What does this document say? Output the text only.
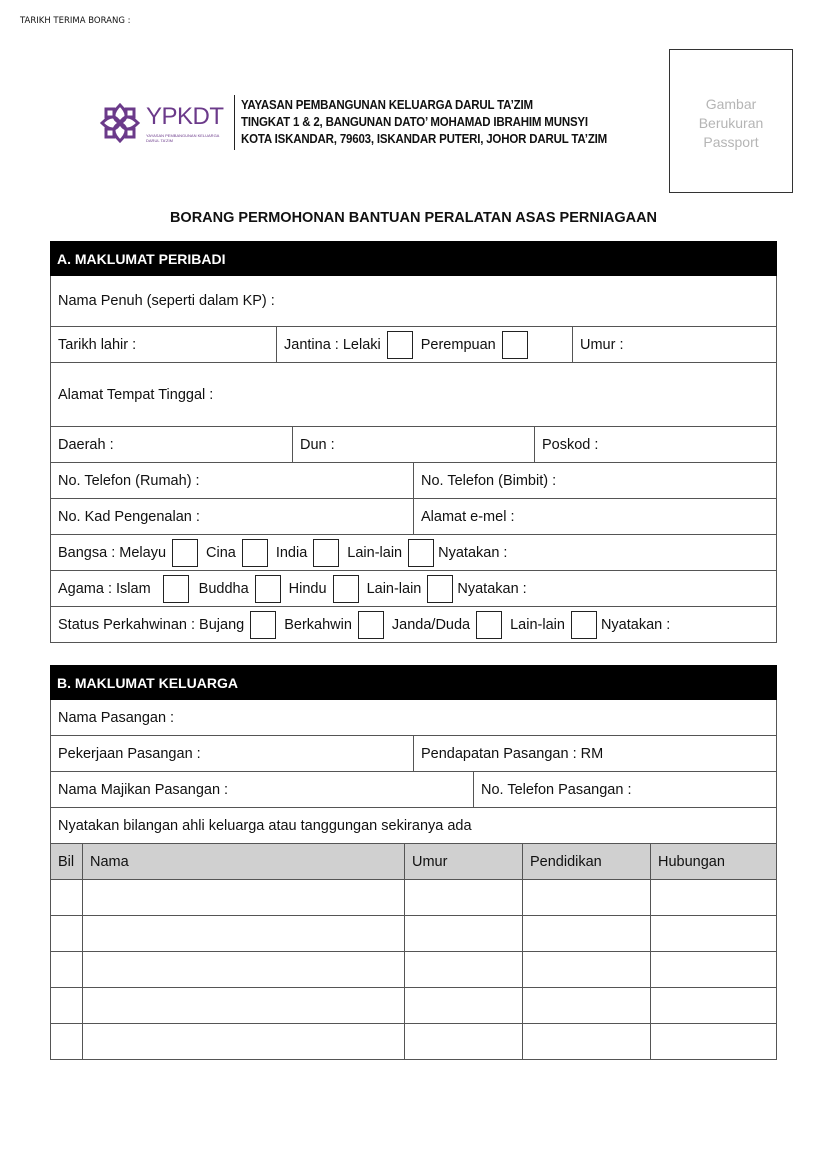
TARIKH TERIMA BORANG :
YPKDT
YAYASAN PEMBANGUNAN KELUARGA DARUL TA'ZIM
YAYASAN PEMBANGUNAN KELUARGA DARUL TA’ZIM
TINGKAT 1 & 2, BANGUNAN DATO’ MOHAMAD IBRAHIM MUNSYI
KOTA ISKANDAR, 79603, ISKANDAR PUTERI, JOHOR DARUL TA’ZIM
Gambar
Berukuran
Passport
BORANG PERMOHONAN BANTUAN PERALATAN ASAS PERNIAGAAN
A. MAKLUMAT PERIBADI
Nama Penuh (seperti dalam KP) :
Tarikh lahir :	Jantina : Lelaki	Perempuan	Umur :
Alamat Tempat Tinggal :
Daerah :	Dun :	Poskod :
No. Telefon (Rumah) :	No. Telefon (Bimbit) :
No. Kad Pengenalan :	Alamat e-mel :
Bangsa : Melayu	Cina	India	Lain-lain Nyatakan :
Agama : Islam	Buddha	Hindu	Lain-lain Nyatakan :
Status Perkahwinan : Bujang	Berkahwin	Janda/Duda	Lain-lain Nyatakan :
B. MAKLUMAT KELUARGA
Nama Pasangan :
Pekerjaan Pasangan :	Pendapatan Pasangan : RM
Nama Majikan Pasangan :	No. Telefon Pasangan :
Nyatakan bilangan ahli keluarga atau tanggungan sekiranya ada
Bil	Nama	Umur	Pendidikan	Hubungan
